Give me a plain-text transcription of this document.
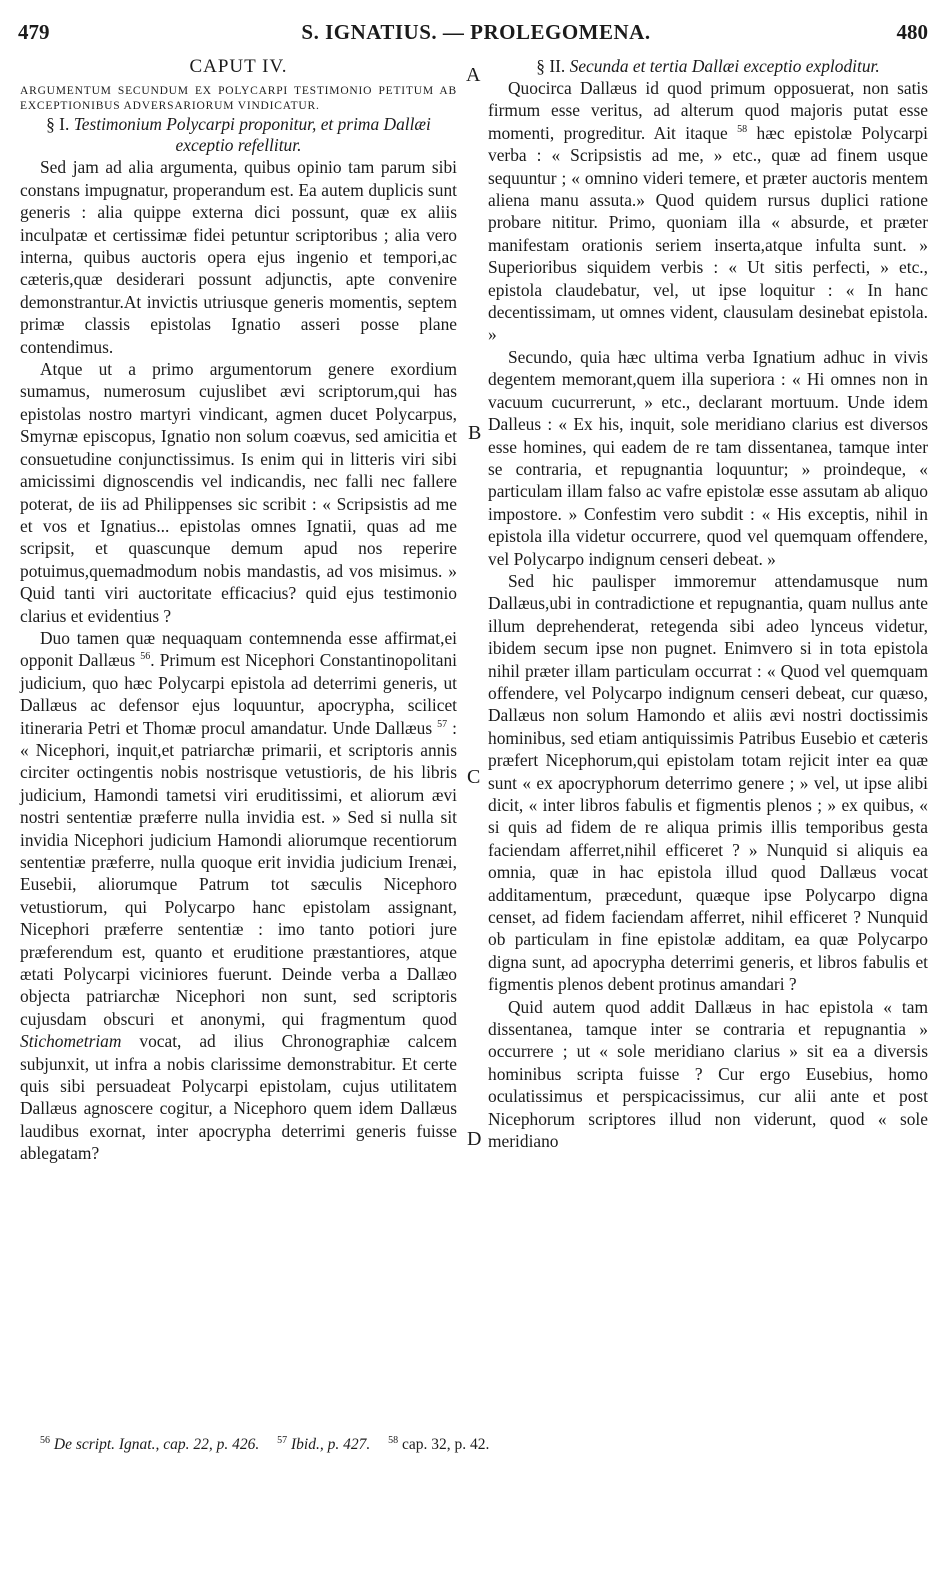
479	S. IGNATIUS. — PROLEGOMENA.	480
A
B
C
D
CAPUT IV.

ARGUMENTUM SECUNDUM EX POLYCARPI TESTIMONIO PETITUM AB EXCEPTIONIBUS ADVERSARIORUM VINDICATUR.

§ I. Testimonium Polycarpi proponitur, et prima Dallæi exceptio refellitur.

Sed jam ad alia argumenta, quibus opinio tam parum sibi constans impugnatur, properandum est. Ea autem duplicis sunt generis : alia quippe externa dici possunt, quæ ex aliis inculpatæ et certissimæ fidei petuntur scriptoribus ; alia vero interna, quibus auctoris opera ejus ingenio et tempori,ac cæteris,quæ desiderari possunt adjunctis, apte convenire demonstrantur.At invictis utriusque generis momentis, septem primæ classis epistolas Ignatio asseri posse plane contendimus.

Atque ut a primo argumentorum genere exordium sumamus, numerosum cujuslibet ævi scriptorum,qui has epistolas nostro martyri vindicant, agmen ducet Polycarpus, Smyrnæ episcopus, Ignatio non solum coævus, sed amicitia et consuetudine conjunctissimus. Is enim qui in litteris viri sibi amicissimi dignoscendis vel indicandis, nec falli nec fallere poterat, de iis ad Philippenses sic scribit : « Scripsistis ad me et vos et Ignatius... epistolas omnes Ignatii, quas ad me scripsit, et quascunque demum apud nos reperire potuimus,quemadmodum nobis mandastis, ad vos misimus. » Quid tanti viri auctoritate efficacius? quid ejus testimonio clarius et evidentius ?

Duo tamen quæ nequaquam contemnenda esse affirmat,ei opponit Dallæus $^{56}$. Primum est Nicephori Constantinopolitani judicium, quo hæc Polycarpi epistola ad deterrimi generis, ut Dallæus ac defensor ejus loquuntur, apocrypha, scilicet itineraria Petri et Thomæ procul amandatur. Unde Dallæus $^{57}$ : « Nicephori, inquit,et patriarchæ primarii, et scriptoris annis circiter octingentis nobis nostrisque vetustioris, de his libris judicium, Hamondi tametsi viri eruditissimi, et aliorum ævi nostri sententiæ præferre nulla invidia est. » Sed si nulla sit invidia Nicephori judicium Hamondi aliorumque recentiorum sententiæ præferre, nulla quoque erit invidia judicium Irenæi, Eusebii, aliorumque Patrum tot sæculis Nicephoro vetustiorum, qui Polycarpo hanc epistolam assignant, Nicephori præferre sententiæ : imo tanto potiori jure præferendum est, quanto et eruditione præstantiores, atque ætati Polycarpi viciniores fuerunt. Deinde verba a Dallæo objecta patriarchæ Nicephori non sunt, sed scriptoris cujusdam obscuri et anonymi, qui fragmentum quod Stichometriam vocat, ad ilius Chronographiæ calcem subjunxit, ut infra a nobis clarissime demonstrabitur. Et certe quis sibi persuadeat Polycarpi epistolam, cujus utilitatem Dallæus agnoscere cogitur, a Nicephoro quem idem Dallæus laudibus exornat, inter apocrypha deterrimi generis fuisse ablegatam?

§ II. Secunda et tertia Dallæi exceptio exploditur.

Quocirca Dallæus id quod primum opposuerat, non satis firmum esse veritus, ad alterum quod majoris putat esse momenti, progreditur. Ait itaque $^{58}$ hæc epistolæ Polycarpi verba : « Scripsistis ad me, » etc., quæ ad finem usque sequuntur ; « omnino videri temere, et præter auctoris mentem aliena manu assuta.» Quod quidem rursus duplici ratione probare nititur. Primo, quoniam illa « absurde, et præter manifestam orationis seriem inserta,atque infulta sunt. » Superioribus siquidem verbis : « Ut sitis perfecti, » etc., epistola claudebatur, vel, ut ipse loquitur : « In hanc decentissimam, ut omnes vident, clausulam desinebat epistola. »

Secundo, quia hæc ultima verba Ignatium adhuc in vivis degentem memorant,quem illa superiora : « Hi omnes non in vacuum cucurrerunt, » etc., declarant mortuum. Unde idem Dalleus : « Ex his, inquit, sole meridiano clarius est diversos esse homines, qui eadem de re tam dissentanea, tamque inter se contraria, et repugnantia loquuntur; » proindeque, « particulam illam falso ac vafre epistolæ esse assutam ab aliquo impostore. » Confestim vero subdit : « His exceptis, nihil in epistola illa videtur occurrere, quod vel quemquam offendere, vel Polycarpo indignum censeri debeat. »

Sed hic paulisper immoremur attendamusque num Dallæus,ubi in contradictione et repugnantia, quam nullus ante illum deprehenderat, retegenda sibi adeo lynceus videtur, ibidem secum ipse non pugnet. Enimvero si in tota epistola nihil præter illam particulam occurrat : « Quod vel quemquam offendere, vel Polycarpo indignum censeri debeat, cur quæso, Dallæus non solum Hamondo et aliis ævi nostri doctissimis hominibus, sed etiam antiquissimis Patribus Eusebio et cæteris præfert Nicephorum,qui epistolam totam rejicit inter ea quæ sunt « ex apocryphorum deterrimo genere ; » vel, ut ipse alibi dicit, « inter libros fabulis et figmentis plenos ; » ex quibus, « si quis ad fidem de re aliqua primis illis temporibus gesta faciendam afferret,nihil efficeret ? » Nunquid si aliquis ea omnia, quæ in hac epistola illud quod Dallæus vocat additamentum, præcedunt, quæque ipse Polycarpo dignа censet, ad fidem faciendam afferret, nihil efficeret ? Nunquid ob particulam in fine epistolæ additam, ea quæ Polycarpo digna sunt, ad apocrypha deterrimi generis, et libros fabulis et figmentis plenos debent protinus amandari ?

Quid autem quod addit Dallæus in hac epistola « tam dissentanea, tamque inter se contraria et repugnantia » occurrere ; ut « sole meridiano clarius » sit ea a diversis hominibus scripta fuisse ? Cur ergo Eusebius, homo oculatissimus et perspicacissimus, cur alii ante et post Nicephorum scriptores illud non viderunt, quod « sole meridiano

$^{56}$ De script. Ignat., cap. 22, p. 426. $^{57}$ Ibid., p. 427. $^{58}$ cap. 32, p. 42.
